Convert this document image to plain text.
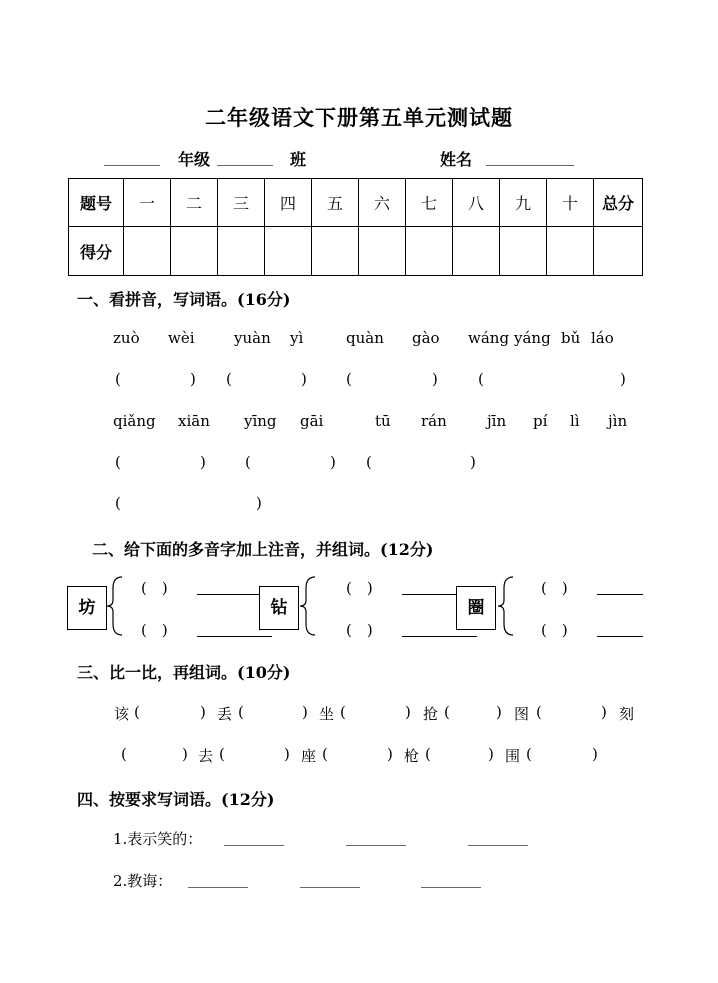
二年级语文下册第五单元测试题
_______ 年级 _______ 班	姓名 ___________
题号	一	二	三	四	五	六	七	八	九	十	总分
得分											
一、看拼音，写词语。(16分)
zuò wèi	yuàn yì	quàn gào wáng yáng bǔ láo
(	) (	)	(	)	(	)
qiǎng xiān yīng gāi	tū rán	jīn pí lì jìn
(	)	(	) (	)
(	)
二、给下面的多音字加上注音，并组词。(12分)
坊
(　)
(　)
钻
(　)
(　)
圈
(　)
(　)
三、比一比，再组词。(10分)
该 (	) 丢 (	) 坐 (	) 抢 (	) 图 (	) 刻
(	) 去 (	) 座 (	) 枪 (	) 围 (	)
四、按要求写词语。(12分)
1.表示笑的： ________	________	________
2.教诲： ________	________	________
